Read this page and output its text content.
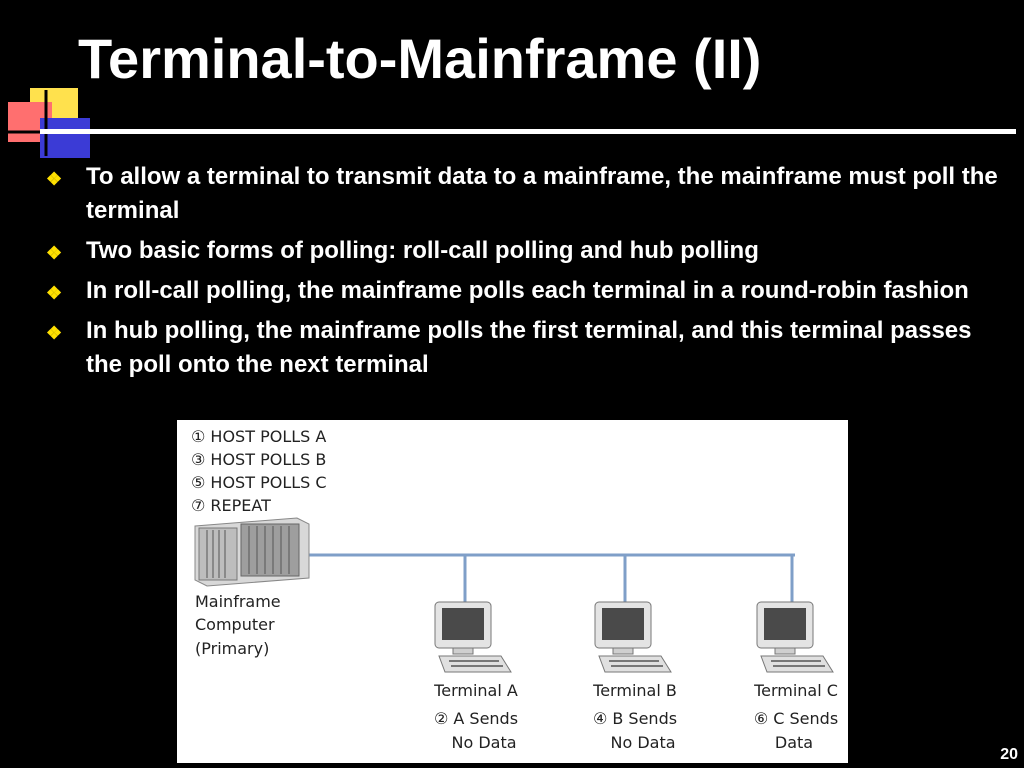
Terminal-to-Mainframe (II)
❖ To allow a terminal to transmit data to a mainframe, the mainframe must poll the terminal
❖ Two basic forms of polling: roll-call polling and hub polling
❖ In roll-call polling, the mainframe polls each terminal in a round-robin fashion
❖ In hub polling, the mainframe polls the first terminal, and this terminal passes the poll onto the next terminal
① HOST POLLS A
③ HOST POLLS B
⑤ HOST POLLS C
⑦ REPEAT
Mainframe
Computer
(Primary)
Terminal A
② A Sends
No Data
Terminal B
④ B Sends
No Data
Terminal C
⑥ C Sends
Data
20
